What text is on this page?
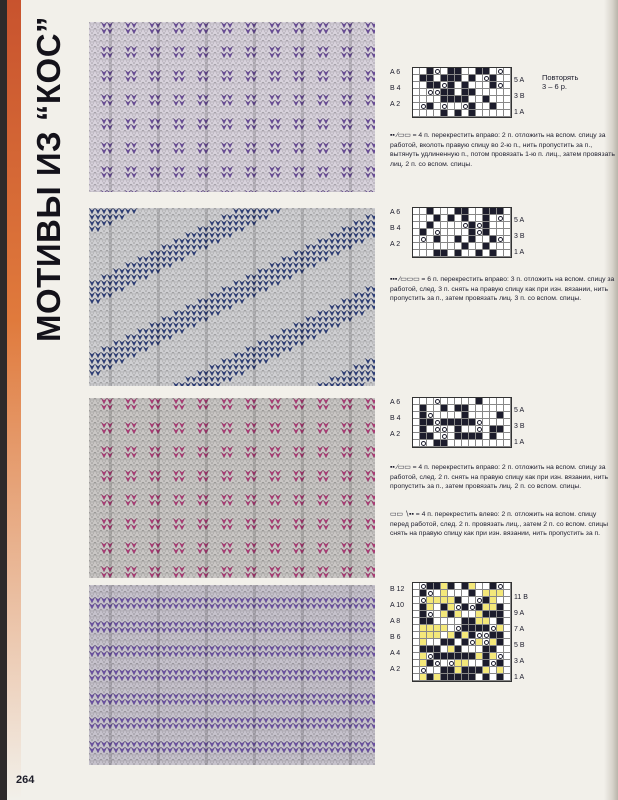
МОТИВЫ ИЗ “КОС”	A 6
B 4
A 2
5 A
3 B
1 A
Повторять
3 – 6 р.
▪▪ ∕▭▭ = 4 п. перекрестить вправо: 2 п. отложить на вспом. спицу за работой, вколоть правую спицу во 2-ю п., нить пропустить за п., вытянуть удлиненную п., потом провязать 1-ю п. лиц., затем провязать лиц. 2 п. со вспом. спицы.
A 6
B 4
A 2
5 A
3 B
1 A
▪▪▪ ∕▭▭▭ = 6 п. перекрестить вправо: 3 п. отложить на вспом. спицу за работой, след. 3 п. снять на правую спицу как при изн. вязании, нить пропустить за п., затем провязать лиц. 3 п. со вспом. спицы.
A 6
B 4
A 2
5 A
3 B
1 A
▪▪ ∕▭▭ = 4 п. перекрестить вправо: 2 п. отложить на вспом. спицу за работой, след. 2 п. снять на правую спицу как при изн. вязании, нить пропустить за п., затем провязать лиц. 2 п. со вспом. спицы.
▭▭ ∖▪▪ = 4 п. перекрестить влево: 2 п. отложить на вспом. спицу перед работой, след. 2 п. провязать лиц., затем 2 п. со вспом. спицы снять на правую спицу как при изн. вязании, нить пропустить за п.
B 12
A 10
A 8
B 6
A 4
A 2
11 B
9 A
7 A
5 B
3 A
1 A
264
